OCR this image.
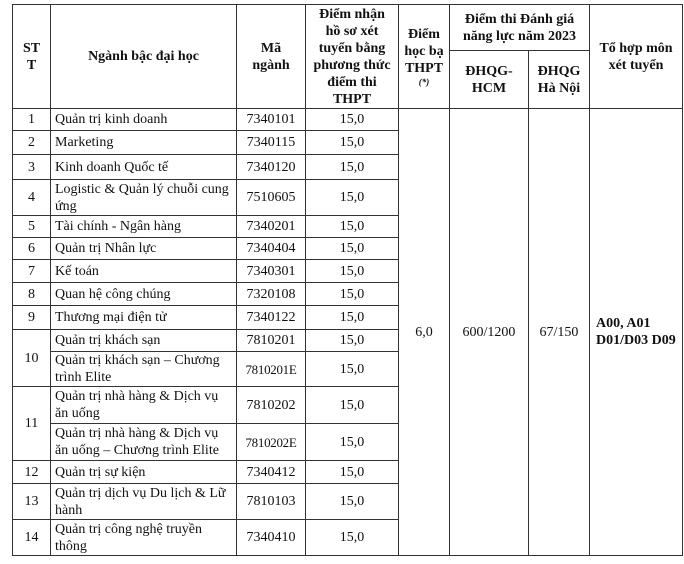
ST T	Ngành bậc đại học	Mã ngành	Điểm nhận hồ sơ xét tuyển bằng phương thức điểm thi THPT	Điểm học bạ THPT
(*)	Điểm thi Đánh giá năng lực năm 2023		Tổ hợp môn xét tuyển
					ĐHQG-HCM	ĐHQG Hà Nội	
1	Quản trị kinh doanh	7340101	15,0	6,0	600/1200	67/150	A00, A01 D01/D03 D09
2	Marketing	7340115	15,0				
3	Kinh doanh Quốc tế	7340120	15,0				
4	Logistic & Quản lý chuỗi cung ứng	7510605	15,0				
5	Tài chính - Ngân hàng	7340201	15,0				
6	Quản trị Nhân lực	7340404	15,0				
7	Kế toán	7340301	15,0				
8	Quan hệ công chúng	7320108	15,0				
9	Thương mại điện tử	7340122	15,0				
10	Quản trị khách sạn	7810201	15,0				
	Quản trị khách sạn – Chương trình Elite	7810201E	15,0				
11	Quản trị nhà hàng & Dịch vụ ăn uống	7810202	15,0				
	Quản trị nhà hàng & Dịch vụ ăn uống – Chương trình Elite	7810202E	15,0				
12	Quản trị sự kiện	7340412	15,0				
13	Quản trị dịch vụ Du lịch & Lữ hành	7810103	15,0				
14	Quản trị công nghệ truyền thông	7340410	15,0				
